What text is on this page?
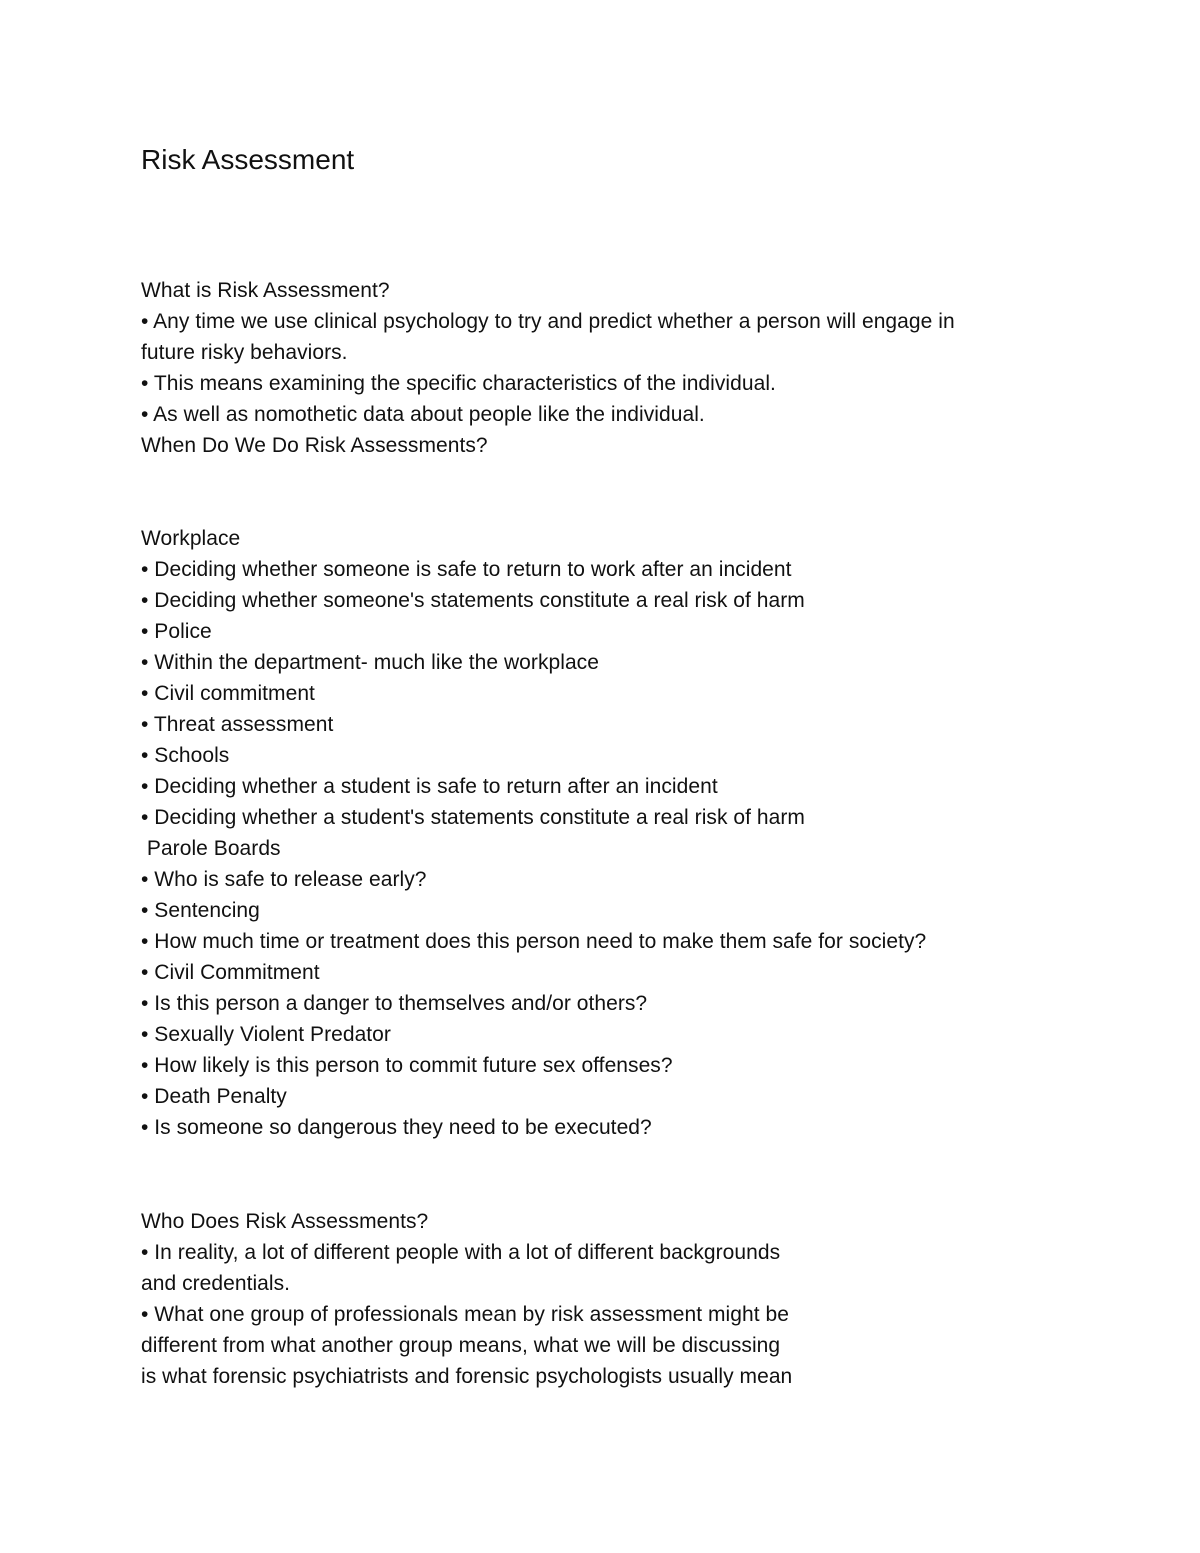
Risk Assessment
What is Risk Assessment?
• Any time we use clinical psychology to try and predict whether a person will engage in
future risky behaviors.
• This means examining the specific characteristics of the individual.
• As well as nomothetic data about people like the individual.
When Do We Do Risk Assessments?
Workplace
• Deciding whether someone is safe to return to work after an incident
• Deciding whether someone's statements constitute a real risk of harm
• Police
• Within the department- much like the workplace
• Civil commitment
• Threat assessment
• Schools
• Deciding whether a student is safe to return after an incident
• Deciding whether a student's statements constitute a real risk of harm
Parole Boards
• Who is safe to release early?
• Sentencing
• How much time or treatment does this person need to make them safe for society?
• Civil Commitment
• Is this person a danger to themselves and/or others?
• Sexually Violent Predator
• How likely is this person to commit future sex offenses?
• Death Penalty
• Is someone so dangerous they need to be executed?
Who Does Risk Assessments?
• In reality, a lot of different people with a lot of different backgrounds
and credentials.
• What one group of professionals mean by risk assessment might be
different from what another group means, what we will be discussing
is what forensic psychiatrists and forensic psychologists usually mean
